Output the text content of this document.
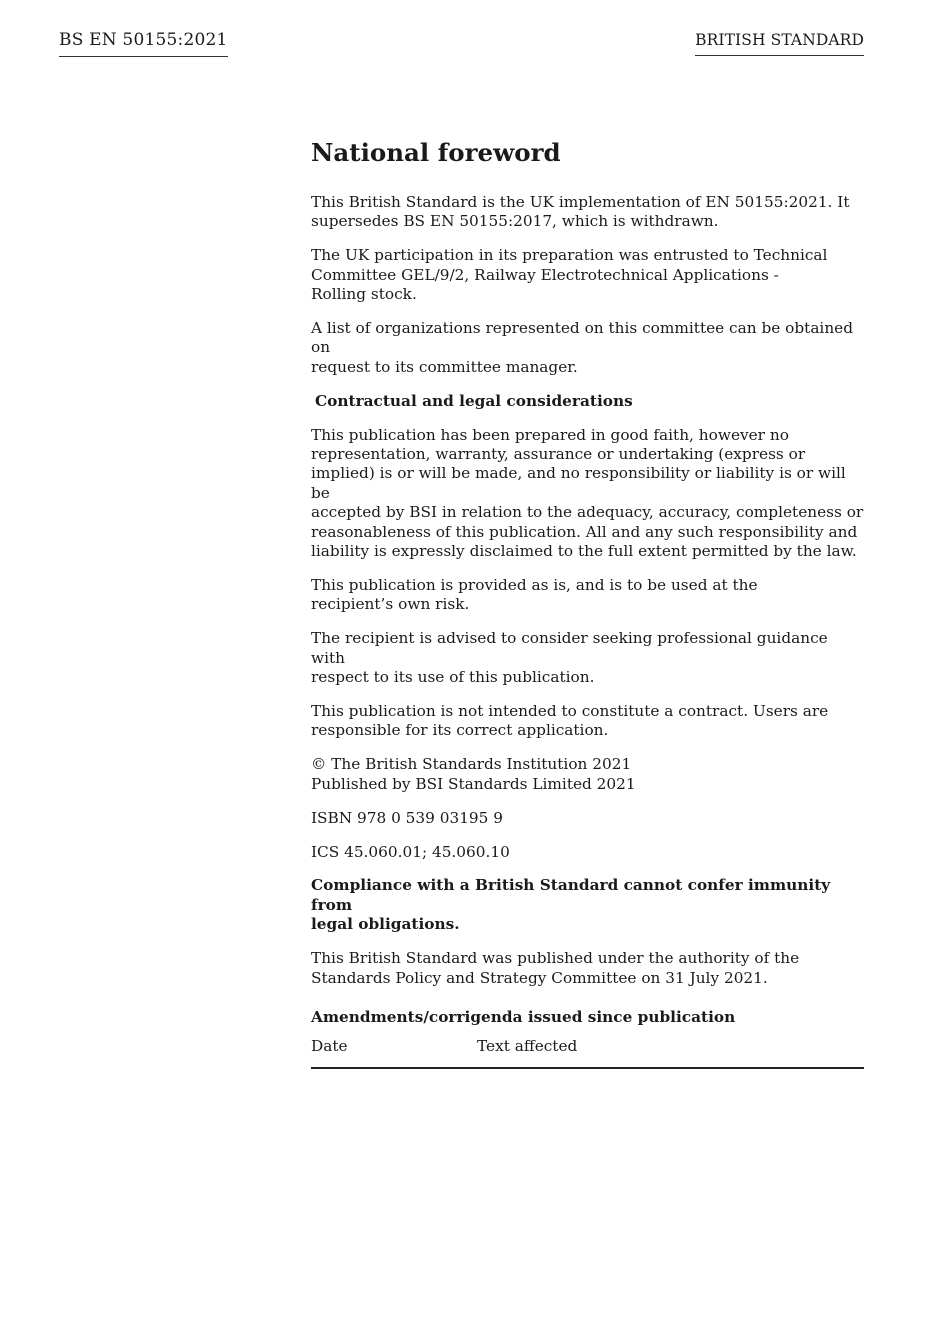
BS EN 50155:2021	BRITISH STANDARD
National foreword

This British Standard is the UK implementation of EN 50155:2021. It
supersedes BS EN 50155:2017, which is withdrawn.

The UK participation in its preparation was entrusted to Technical
Committee GEL/9/2, Railway Electrotechnical Applications -
Rolling stock.

A list of organizations represented on this committee can be obtained on
request to its committee manager.

Contractual and legal considerations

This publication has been prepared in good faith, however no
representation, warranty, assurance or undertaking (express or
implied) is or will be made, and no responsibility or liability is or will be
accepted by BSI in relation to the adequacy, accuracy, completeness or
reasonableness of this publication. All and any such responsibility and
liability is expressly disclaimed to the full extent permitted by the law.

This publication is provided as is, and is to be used at the
recipient’s own risk.

The recipient is advised to consider seeking professional guidance with
respect to its use of this publication.

This publication is not intended to constitute a contract. Users are
responsible for its correct application.

© The British Standards Institution 2021
Published by BSI Standards Limited 2021

ISBN 978 0 539 03195 9

ICS 45.060.01; 45.060.10

Compliance with a British Standard cannot confer immunity from
legal obligations.

This British Standard was published under the authority of the
Standards Policy and Strategy Committee on 31 July 2021.

Amendments/corrigenda issued since publication
Date	Text affected
